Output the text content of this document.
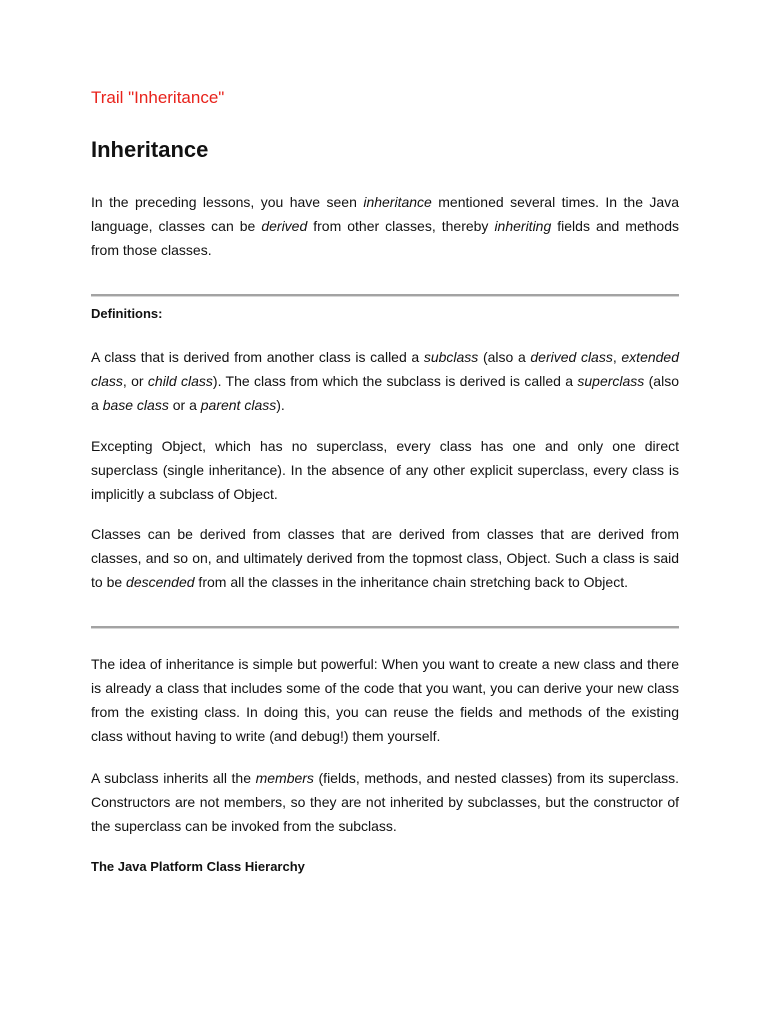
Trail "Inheritance"

Inheritance

In the preceding lessons, you have seen inheritance mentioned several times. In the Java language, classes can be derived from other classes, thereby inheriting fields and methods from those classes.

Definitions:

A class that is derived from another class is called a subclass (also a derived class, extended class, or child class). The class from which the subclass is derived is called a superclass (also a base class or a parent class).

Excepting Object, which has no superclass, every class has one and only one direct superclass (single inheritance). In the absence of any other explicit superclass, every class is implicitly a subclass of Object.

Classes can be derived from classes that are derived from classes that are derived from classes, and so on, and ultimately derived from the topmost class, Object. Such a class is said to be descended from all the classes in the inheritance chain stretching back to Object.

The idea of inheritance is simple but powerful: When you want to create a new class and there is already a class that includes some of the code that you want, you can derive your new class from the existing class. In doing this, you can reuse the fields and methods of the existing class without having to write (and debug!) them yourself.

A subclass inherits all the members (fields, methods, and nested classes) from its superclass. Constructors are not members, so they are not inherited by subclasses, but the constructor of the superclass can be invoked from the subclass.

The Java Platform Class Hierarchy
